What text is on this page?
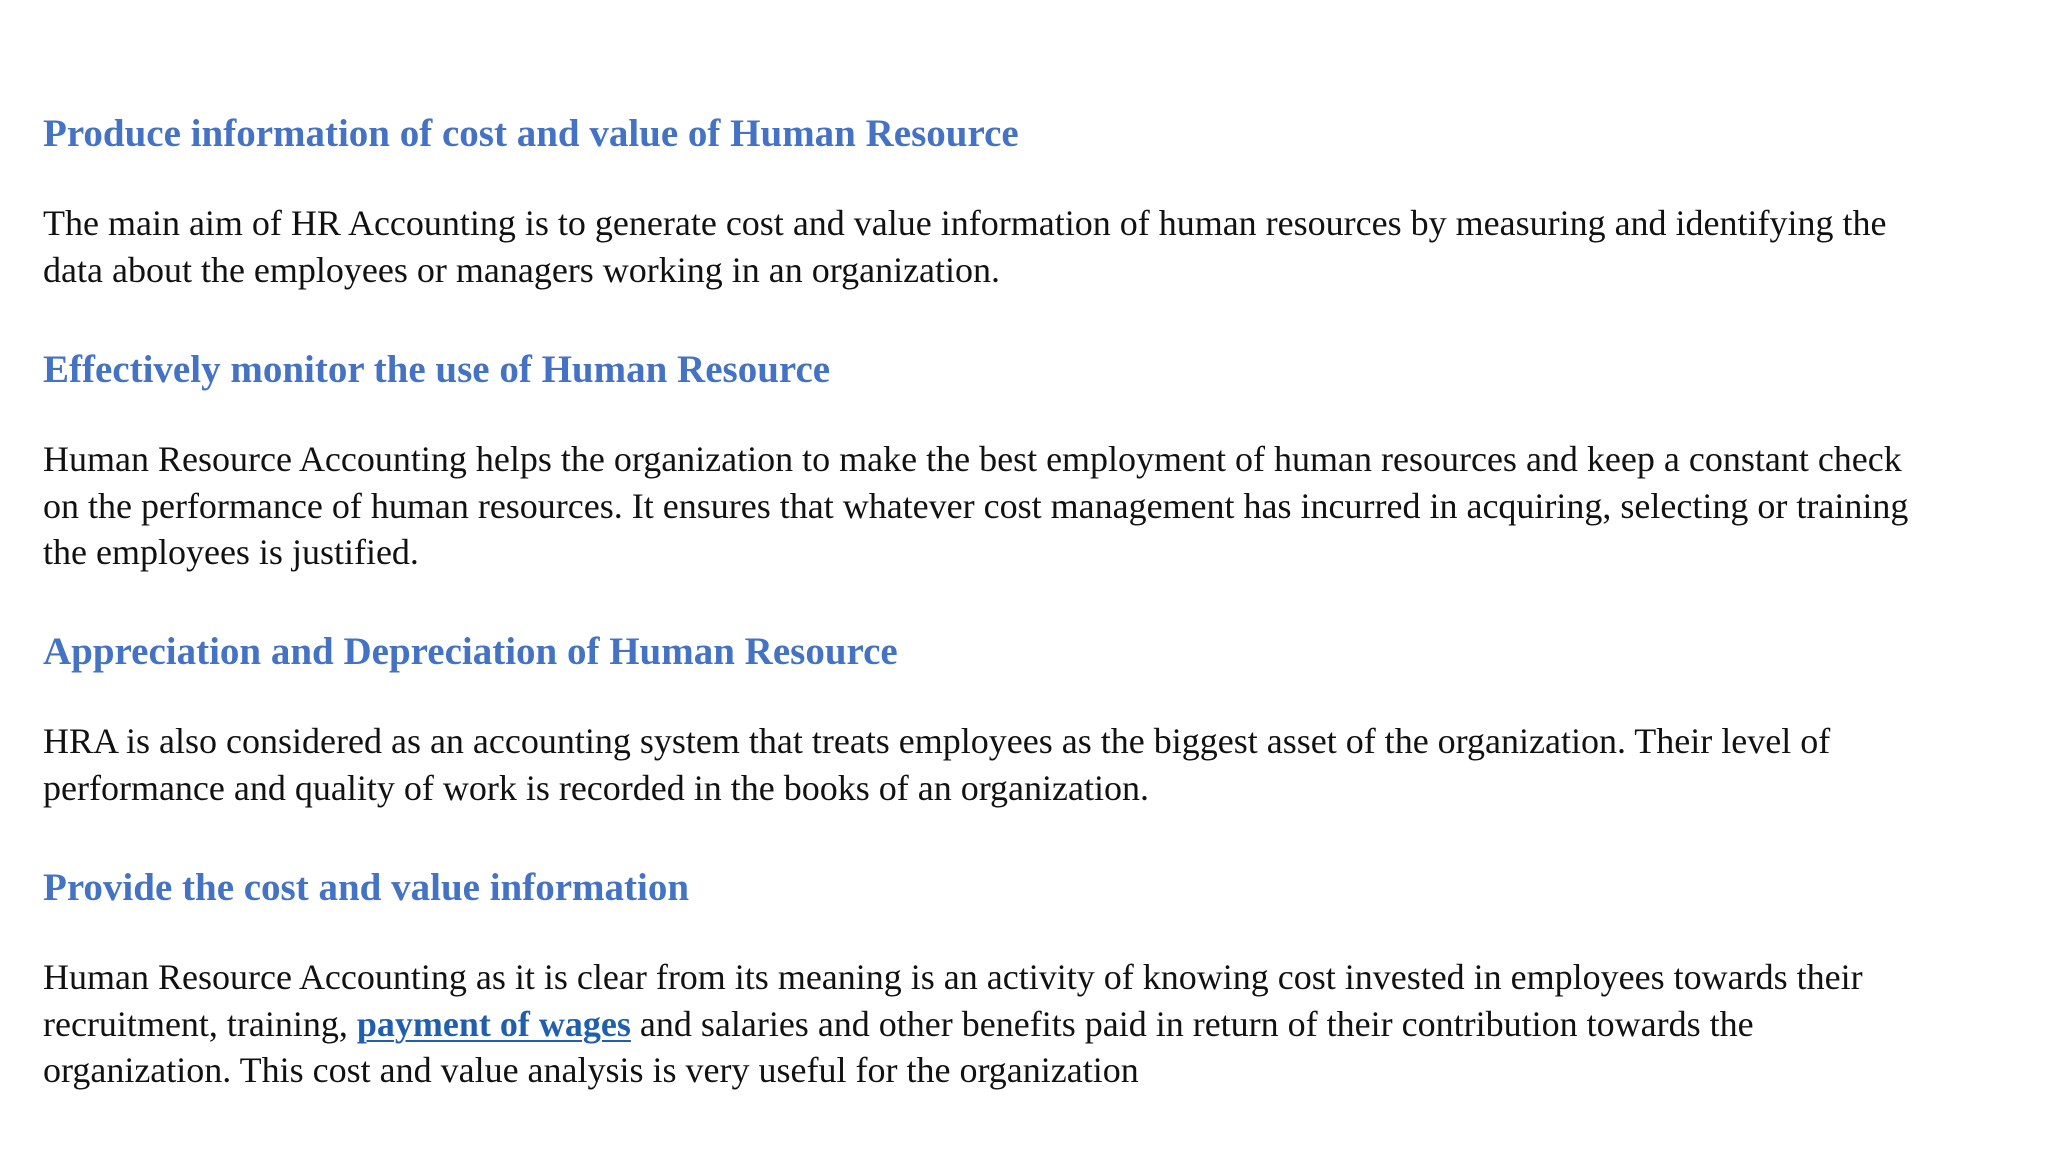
Produce information of cost and value of Human Resource

The main aim of HR Accounting is to generate cost and value information of human resources by measuring and identifying the
data about the employees or managers working in an organization.

Effectively monitor the use of Human Resource

Human Resource Accounting helps the organization to make the best employment of human resources and keep a constant check
on the performance of human resources. It ensures that whatever cost management has incurred in acquiring, selecting or training
the employees is justified.

Appreciation and Depreciation of Human Resource

HRA is also considered as an accounting system that treats employees as the biggest asset of the organization. Their level of
performance and quality of work is recorded in the books of an organization.

Provide the cost and value information

Human Resource Accounting as it is clear from its meaning is an activity of knowing cost invested in employees towards their
recruitment, training, payment of wages and salaries and other benefits paid in return of their contribution towards the
organization. This cost and value analysis is very useful for the organization
